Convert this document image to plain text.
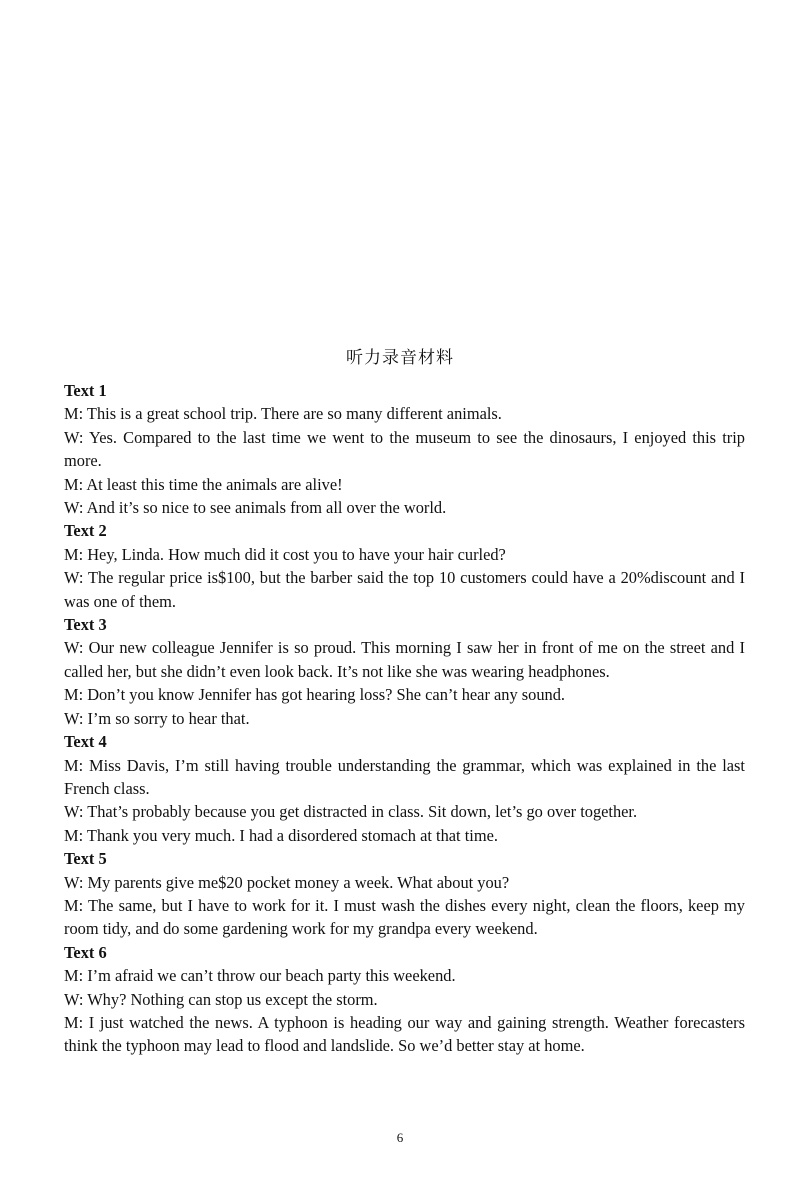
听力录音材料
Text 1

M: This is a great school trip. There are so many different animals.

W: Yes. Compared to the last time we went to the museum to see the dinosaurs, I enjoyed this trip more.

M: At least this time the animals are alive!

W: And it’s so nice to see animals from all over the world.

Text 2

M: Hey, Linda. How much did it cost you to have your hair curled?

W: The regular price is$100, but the barber said the top 10 customers could have a 20%discount and I was one of them.

Text 3

W: Our new colleague Jennifer is so proud. This morning I saw her in front of me on the street and I called her, but she didn’t even look back. It’s not like she was wearing headphones.

M: Don’t you know Jennifer has got hearing loss? She can’t hear any sound.

W: I’m so sorry to hear that.

Text 4

M: Miss Davis, I’m still having trouble understanding the grammar, which was explained in the last French class.

W: That’s probably because you get distracted in class. Sit down, let’s go over together.

M: Thank you very much. I had a disordered stomach at that time.

Text 5

W: My parents give me$20 pocket money a week. What about you?

M: The same, but I have to work for it. I must wash the dishes every night, clean the floors, keep my room tidy, and do some gardening work for my grandpa every weekend.

Text 6

M: I’m afraid we can’t throw our beach party this weekend.

W: Why? Nothing can stop us except the storm.

M: I just watched the news. A typhoon is heading our way and gaining strength. Weather forecasters think the typhoon may lead to flood and landslide. So we’d better stay at home.

6
